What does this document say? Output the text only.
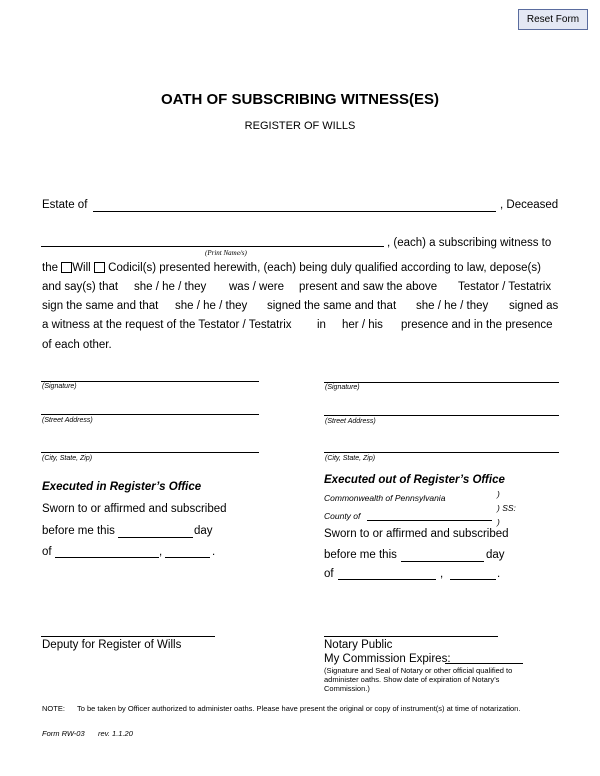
Reset Form
OATH OF SUBSCRIBING WITNESS(ES)
REGISTER OF WILLS
Estate of	, Deceased
(Print Name/s)
, (each) a subscribing witness to
the Will Codicil(s) presented herewith, (each) being duly qualified according to law, depose(s)
and say(s) that she / he / they was / were present and saw the above Testator / Testatrix
sign the same and that she / he / they signed the same and that she / he / they signed as
a witness at the request of the Testator / Testatrix in her / his presence and in the presence
of each other.
(Signature)
(Street Address)
(City, State, Zip)
(Signature)
(Street Address)
(City, State, Zip)
Executed in Register’s Office
Sworn to or affirmed and subscribed
before me this	day
of	,	.
Executed out of Register’s Office
Commonwealth of Pennsylvania	)
County of
) SS:
)
Sworn to or affirmed and subscribed
before me this	day
of	,	.
Deputy for Register of Wills	Notary Public
My Commission Expires:
(Signature and Seal of Notary or other official qualified to
administer oaths. Show date of expiration of Notary’s
Commission.)
NOTE: To be taken by Officer authorized to administer oaths. Please have present the original or copy of instrument(s) at time of notarization.
Form RW-03 rev. 1.1.20
